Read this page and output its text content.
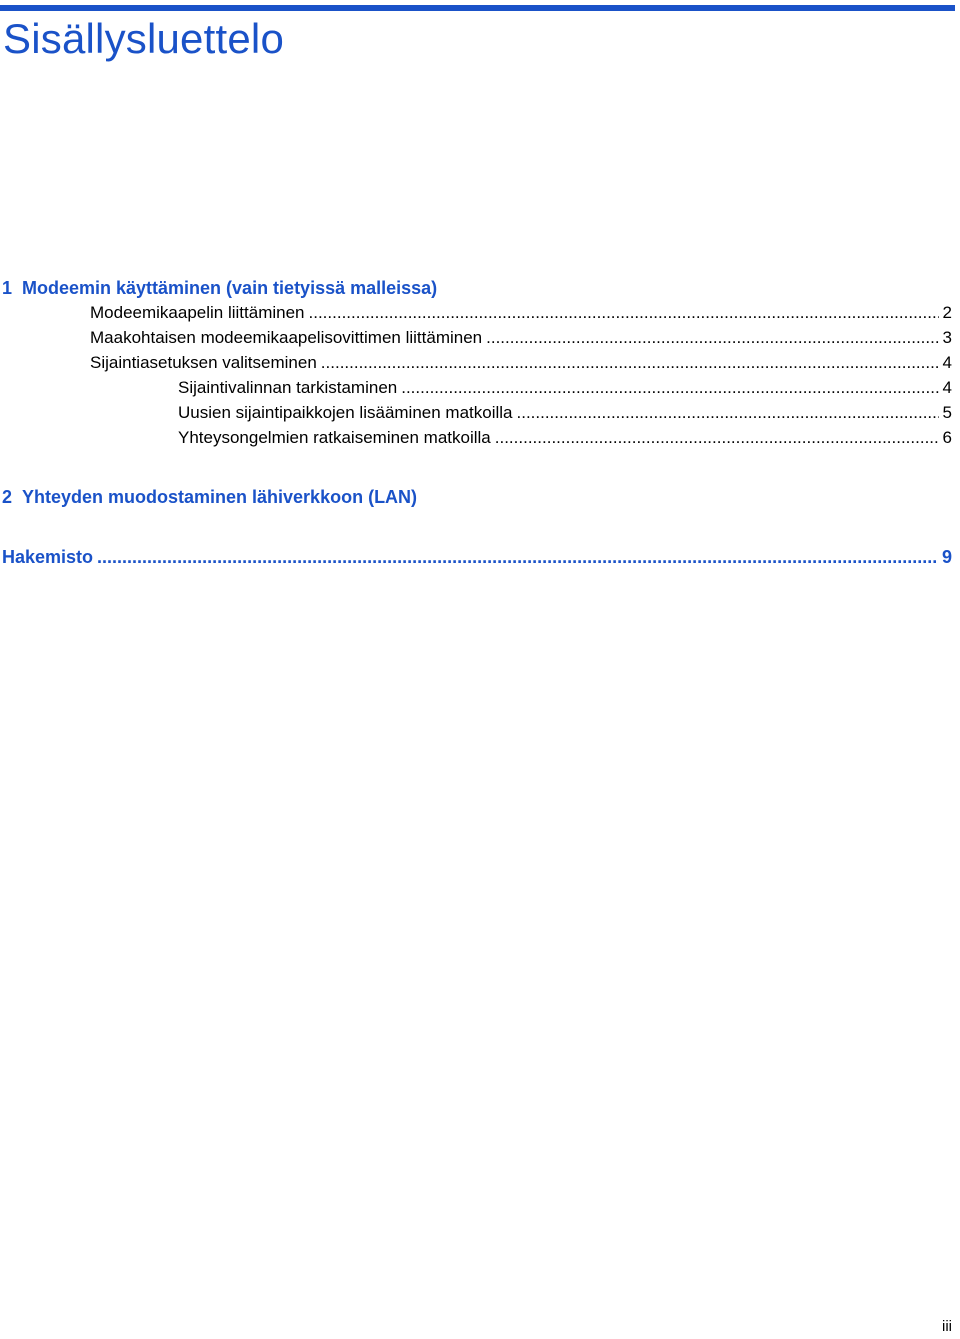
Sisällysluettelo
1 Modeemin käyttäminen (vain tietyissä malleissa)
Modeemikaapelin liittäminen .....	2
Maakohtaisen modeemikaapelisovittimen liittäminen .....	3
Sijaintiasetuksen valitseminen .....	4
Sijaintivalinnan tarkistaminen .....	4
Uusien sijaintipaikkojen lisääminen matkoilla .....	5
Yhteysongelmien ratkaiseminen matkoilla .....	6
2 Yhteyden muodostaminen lähiverkkoon (LAN)
Hakemisto .....	9
iii
